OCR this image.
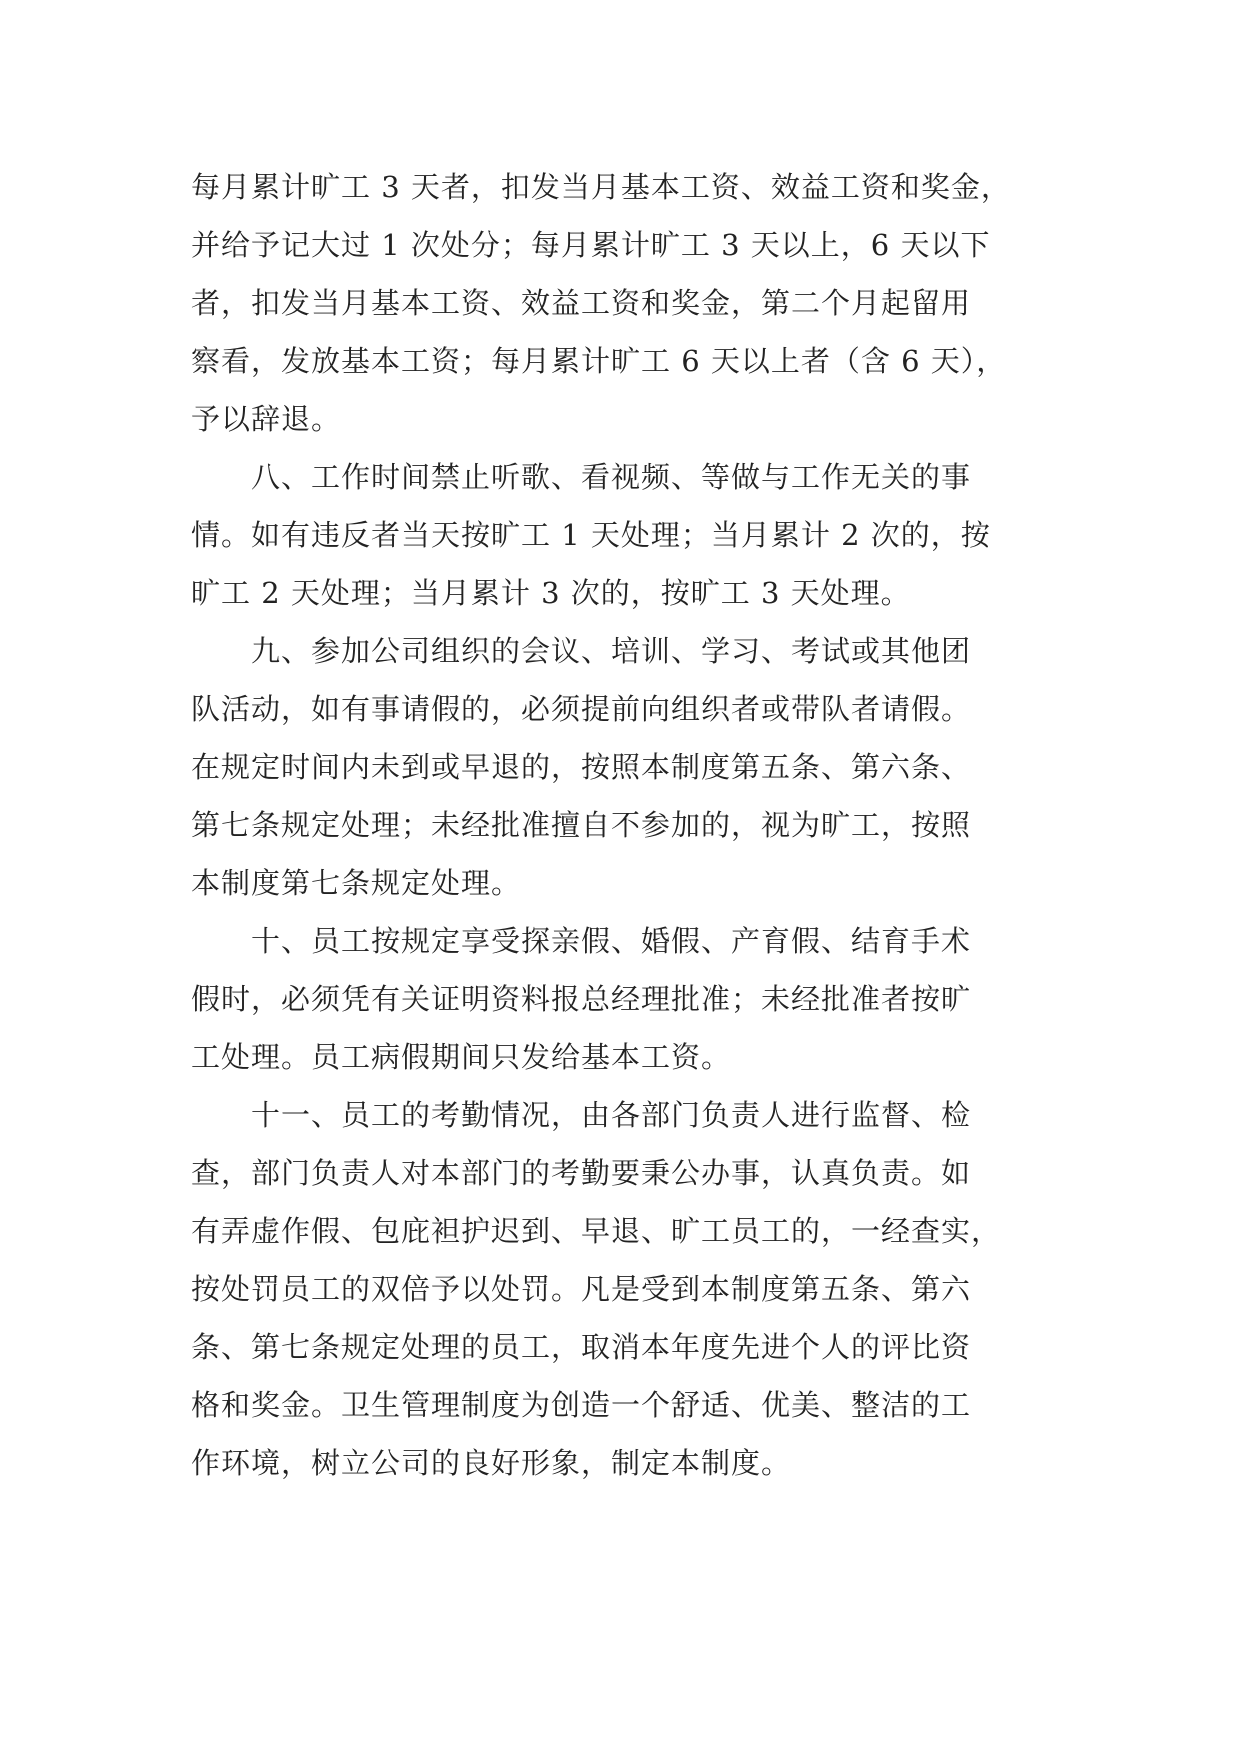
每月累计旷工 3 天者，扣发当月基本工资、效益工资和奖金，
并给予记大过 1 次处分；每月累计旷工 3 天以上，6 天以下
者，扣发当月基本工资、效益工资和奖金，第二个月起留用
察看，发放基本工资；每月累计旷工 6 天以上者（含 6 天），
予以辞退。
　　八、工作时间禁止听歌、看视频、等做与工作无关的事
情。如有违反者当天按旷工 1 天处理；当月累计 2 次的，按
旷工 2 天处理；当月累计 3 次的，按旷工 3 天处理。
　　九、参加公司组织的会议、培训、学习、考试或其他团
队活动，如有事请假的，必须提前向组织者或带队者请假。
在规定时间内未到或早退的，按照本制度第五条、第六条、
第七条规定处理；未经批准擅自不参加的，视为旷工，按照
本制度第七条规定处理。
　　十、员工按规定享受探亲假、婚假、产育假、结育手术
假时，必须凭有关证明资料报总经理批准；未经批准者按旷
工处理。员工病假期间只发给基本工资。
　　十一、员工的考勤情况，由各部门负责人进行监督、检
查，部门负责人对本部门的考勤要秉公办事，认真负责。如
有弄虚作假、包庇袒护迟到、早退、旷工员工的，一经查实，
按处罚员工的双倍予以处罚。凡是受到本制度第五条、第六
条、第七条规定处理的员工，取消本年度先进个人的评比资
格和奖金。卫生管理制度为创造一个舒适、优美、整洁的工
作环境，树立公司的良好形象，制定本制度。
